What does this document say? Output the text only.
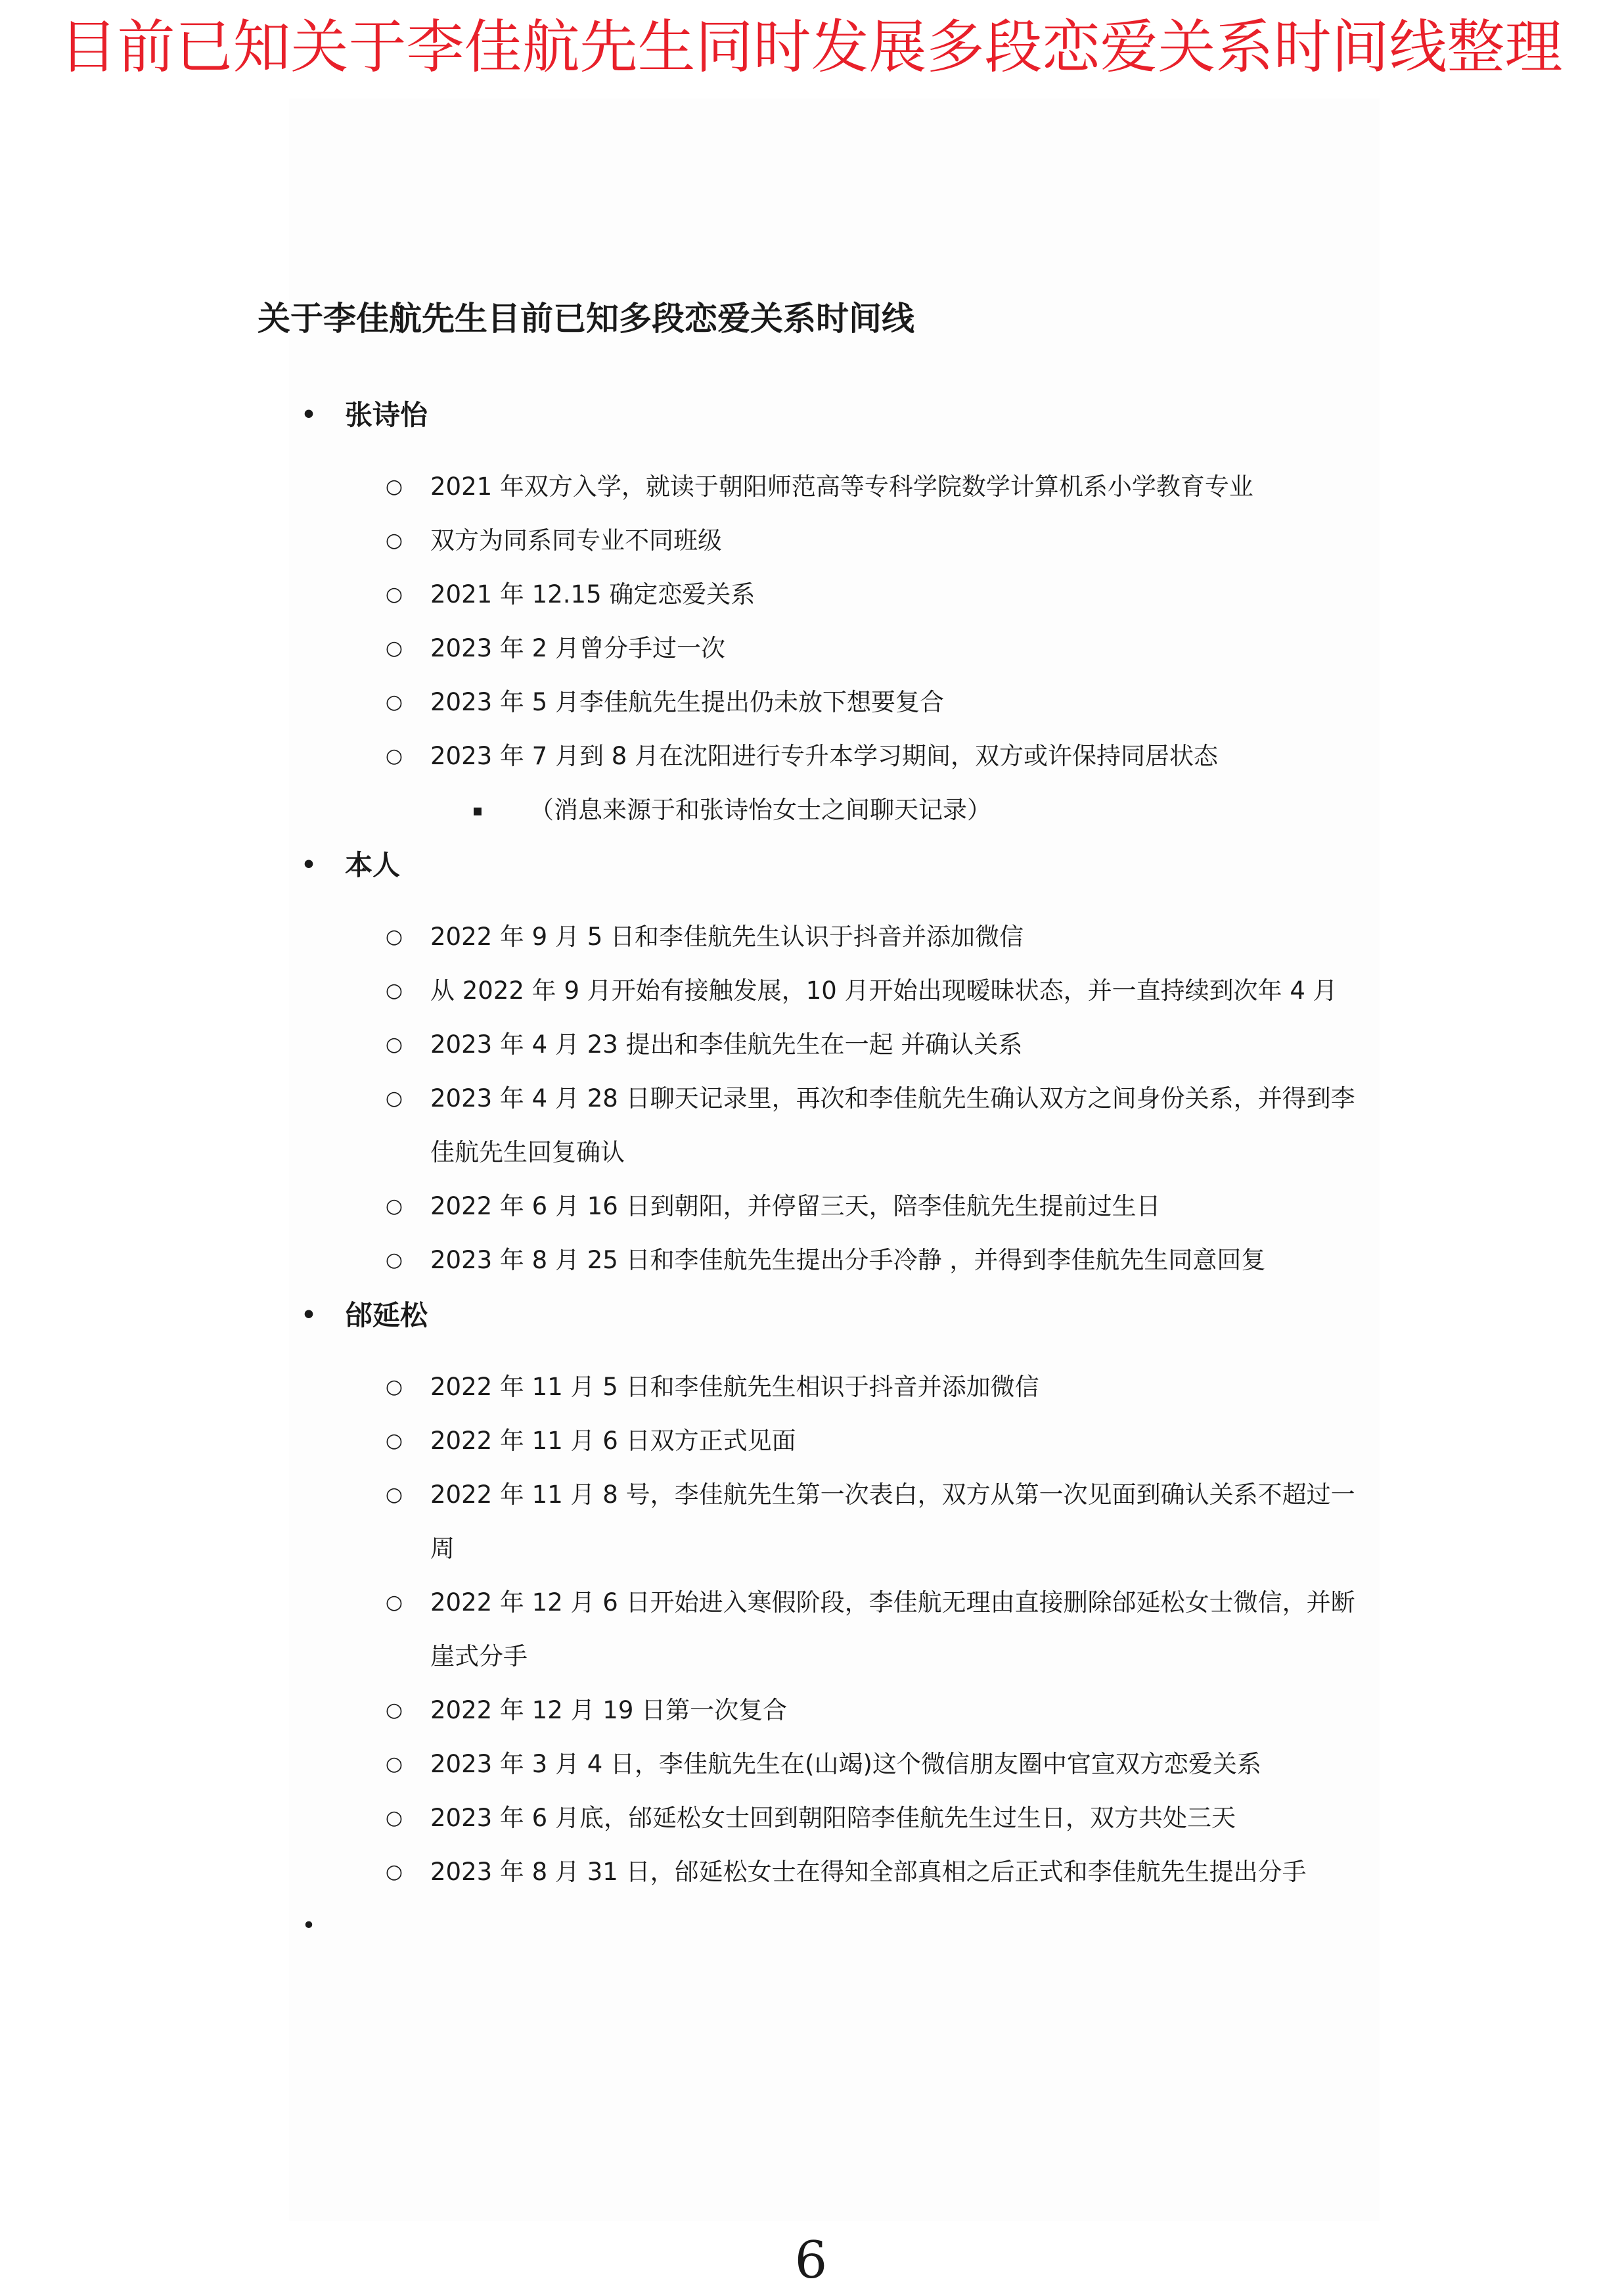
目前已知关于李佳航先生同时发展多段恋爱关系时间线整理
关于李佳航先生目前已知多段恋爱关系时间线
• 张诗怡
○ 2021 年双方入学，就读于朝阳师范高等专科学院数学计算机系小学教育专业
○ 双方为同系同专业不同班级
○ 2021 年 12.15 确定恋爱关系
○ 2023 年 2 月曾分手过一次
○ 2023 年 5 月李佳航先生提出仍未放下想要复合
○ 2023 年 7 月到 8 月在沈阳进行专升本学习期间，双方或许保持同居状态
▪ （消息来源于和张诗怡女士之间聊天记录）
• 本人
○ 2022 年 9 月 5 日和李佳航先生认识于抖音并添加微信
○ 从 2022 年 9 月开始有接触发展，10 月开始出现暧昧状态，并一直持续到次年 4 月
○ 2023 年 4 月 23 提出和李佳航先生在一起 并确认关系
○ 2023 年 4 月 28 日聊天记录里，再次和李佳航先生确认双方之间身份关系，并得到李
佳航先生回复确认
○ 2022 年 6 月 16 日到朝阳，并停留三天，陪李佳航先生提前过生日
○ 2023 年 8 月 25 日和李佳航先生提出分手冷静 ，并得到李佳航先生同意回复
• 邰延松
○ 2022 年 11 月 5 日和李佳航先生相识于抖音并添加微信
○ 2022 年 11 月 6 日双方正式见面
○ 2022 年 11 月 8 号，李佳航先生第一次表白，双方从第一次见面到确认关系不超过一
周
○ 2022 年 12 月 6 日开始进入寒假阶段，李佳航无理由直接删除邰延松女士微信，并断
崖式分手
○ 2022 年 12 月 19 日第一次复合
○ 2023 年 3 月 4 日，李佳航先生在(山竭)这个微信朋友圈中官宣双方恋爱关系
○ 2023 年 6 月底，邰延松女士回到朝阳陪李佳航先生过生日，双方共处三天
○ 2023 年 8 月 31 日，邰延松女士在得知全部真相之后正式和李佳航先生提出分手
•
6
